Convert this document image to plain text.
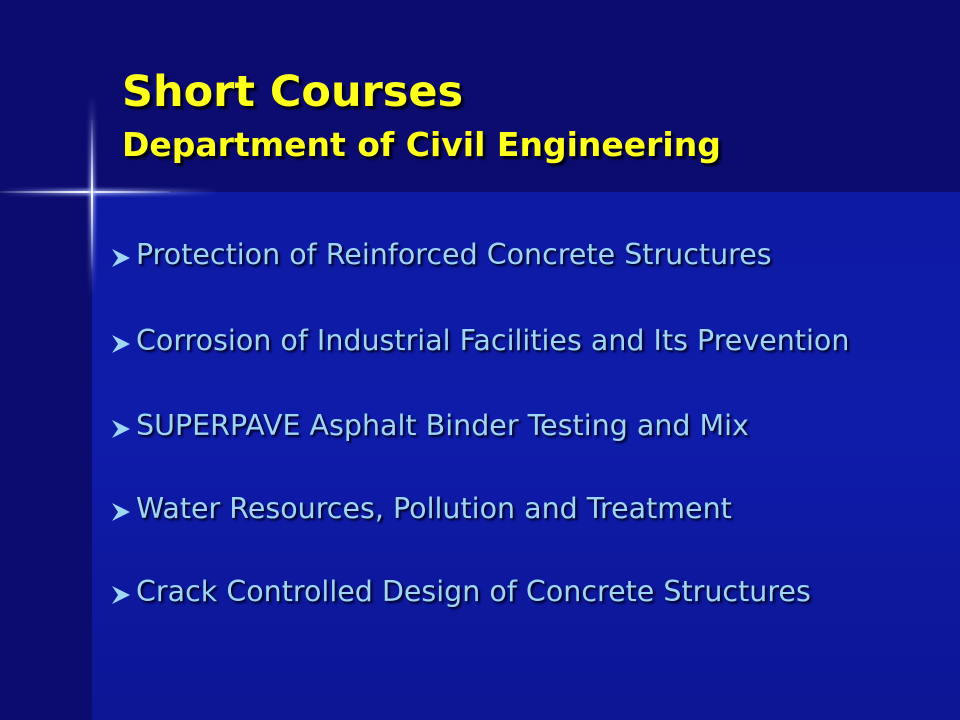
Short Courses
Department of Civil Engineering
Protection of Reinforced Concrete Structures
Corrosion of Industrial Facilities and Its Prevention
SUPERPAVE Asphalt Binder Testing and Mix
Water Resources, Pollution and Treatment
Crack Controlled Design of Concrete Structures
